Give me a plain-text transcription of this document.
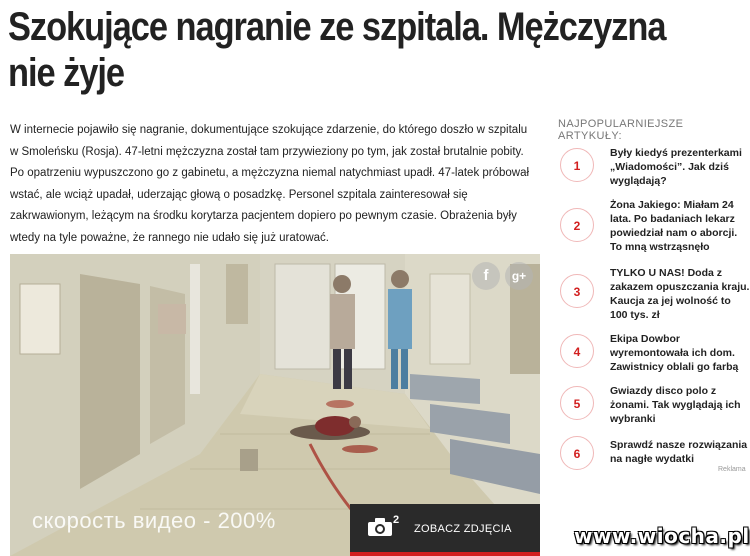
Szokujące nagranie ze szpitala. Mężczyzna
nie żyje

W internecie pojawiło się nagranie, dokumentujące szokujące zdarzenie, do którego doszło w szpitalu w Smoleńsku (Rosja). 47-letni mężczyzna został tam przywieziony po tym, jak został brutalnie pobity. Po opatrzeniu wypuszczono go z gabinetu, a mężczyzna niemal natychmiast upadł. 47-latek próbował wstać, ale wciąż upadał, uderzając głową o posadzkę. Personel szpitala zainteresował się zakrwawionym, leżącym na środku korytarza pacjentem dopiero po pewnym czasie. Obrażenia były wtedy na tyle poważne, że rannego nie udało się już uratować.

f	g+
скорость видео - 200%	2
ZOBACZ ZDJĘCIA

NAJPOPULARNIEJSZE ARTYKUŁY:

1

Były kiedyś prezenterkami „Wiadomości”. Jak dziś wyglądają?

2

Żona Jakiego: Miałam 24 lata. Po badaniach lekarz powiedział nam o aborcji. To mną wstrząsnęło

3

TYLKO U NAS! Doda z zakazem opuszczania kraju. Kaucja za jej wolność to 100 tys. zł

4

Ekipa Dowbor wyremontowała ich dom. Zawistnicy oblali go farbą

5

Gwiazdy disco polo z żonami. Tak wyglądają ich wybranki

6

Sprawdź nasze rozwiązania na nagłe wydatki

Reklama
www.wiocha.pl
